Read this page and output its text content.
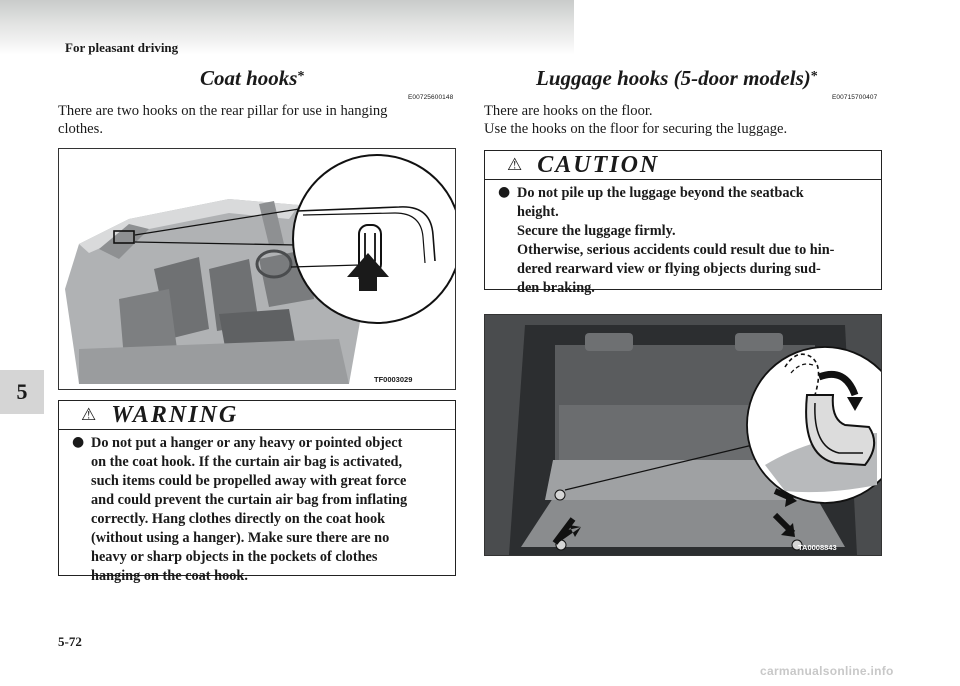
For pleasant driving
5
Coat hooks*
E00725600148
There are two hooks on the rear pillar for use in hanging
clothes.
TF0003029
⚠ WARNING
● Do not put a hanger or any heavy or pointed object
on the coat hook. If the curtain air bag is activated,
such items could be propelled away with great force
and could prevent the curtain air bag from inflating
correctly. Hang clothes directly on the coat hook
(without using a hanger). Make sure there are no
heavy or sharp objects in the pockets of clothes
hanging on the coat hook.
Luggage hooks (5-door models)*
E00715700407
There are hooks on the floor.
Use the hooks on the floor for securing the luggage.
⚠ CAUTION
● Do not pile up the luggage beyond the seatback
height.
Secure the luggage firmly.
Otherwise, serious accidents could result due to hin-
dered rearward view or flying objects during sud-
den braking.
TA0008843
5-72
carmanualsonline.info
